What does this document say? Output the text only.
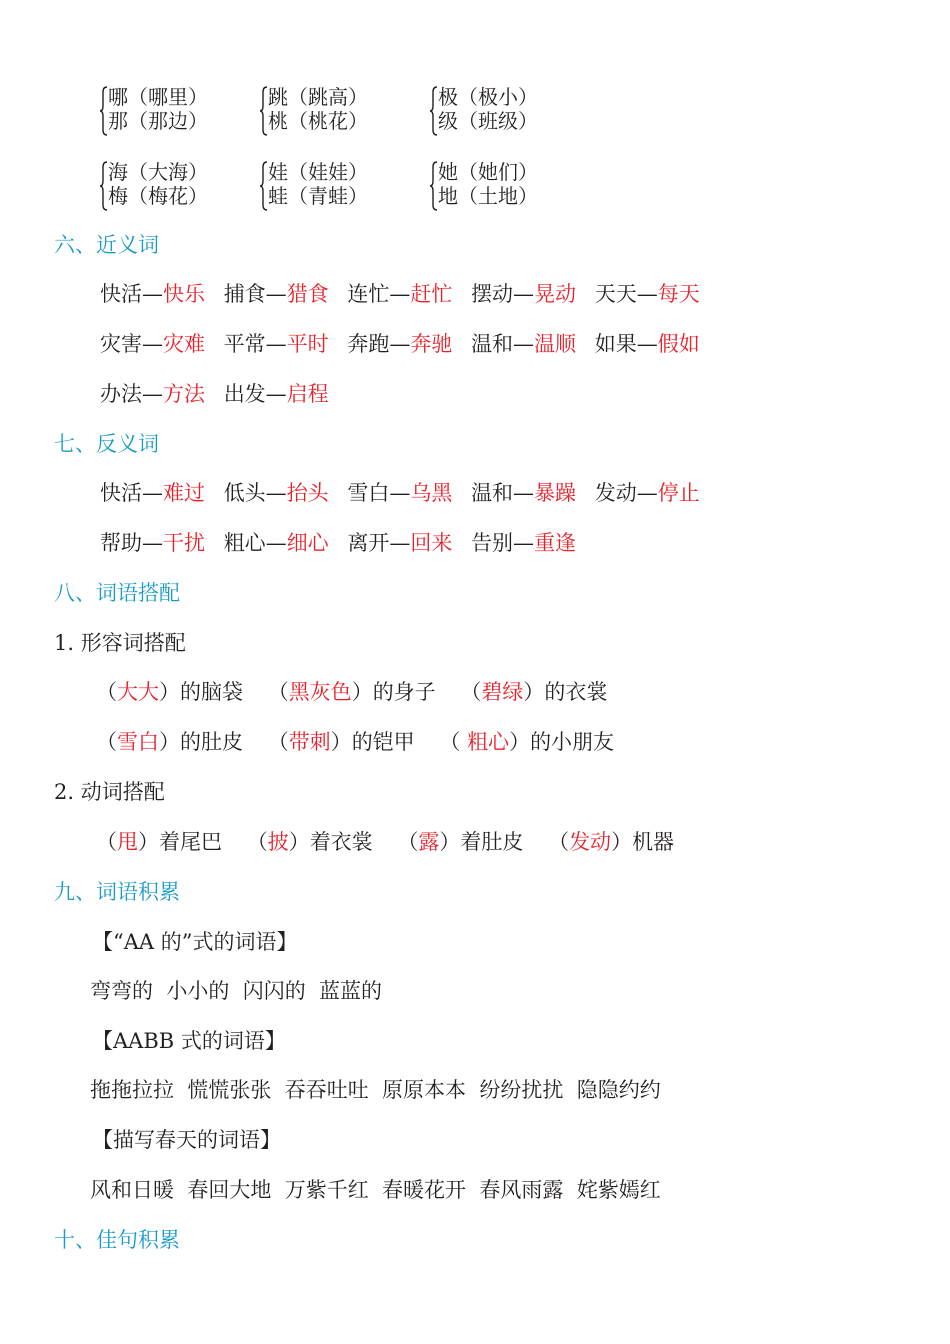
哪（哪里）
那（那边）
跳（跳高）
桃（桃花）
极（极小）
级（班级）
海（大海）
梅（梅花）
娃（娃娃）
蛙（青蛙）
她（她们）
地（土地）
六、近义词
快活—快乐 捕食—猎食 连忙—赶忙 摆动—晃动 天天—每天
灾害—灾难 平常—平时 奔跑—奔驰 温和—温顺 如果—假如
办法—方法 出发—启程
七、反义词
快活—难过 低头—抬头 雪白—乌黑 温和—暴躁 发动—停止
帮助—干扰 粗心—细心 离开—回来 告别—重逢
八、词语搭配
1. 形容词搭配
（大大）的脑袋 （黑灰色）的身子 （碧绿）的衣裳
（雪白）的肚皮 （带刺）的铠甲 （ 粗心）的小朋友
2. 动词搭配
（甩）着尾巴 （披）着衣裳 （露）着肚皮 （发动）机器
九、词语积累
【“AA 的”式的词语】
弯弯的  小小的  闪闪的  蓝蓝的
【AABB 式的词语】
拖拖拉拉  慌慌张张  吞吞吐吐  原原本本  纷纷扰扰  隐隐约约
【描写春天的词语】
风和日暖  春回大地  万紫千红  春暖花开  春风雨露  姹紫嫣红
十、佳句积累
